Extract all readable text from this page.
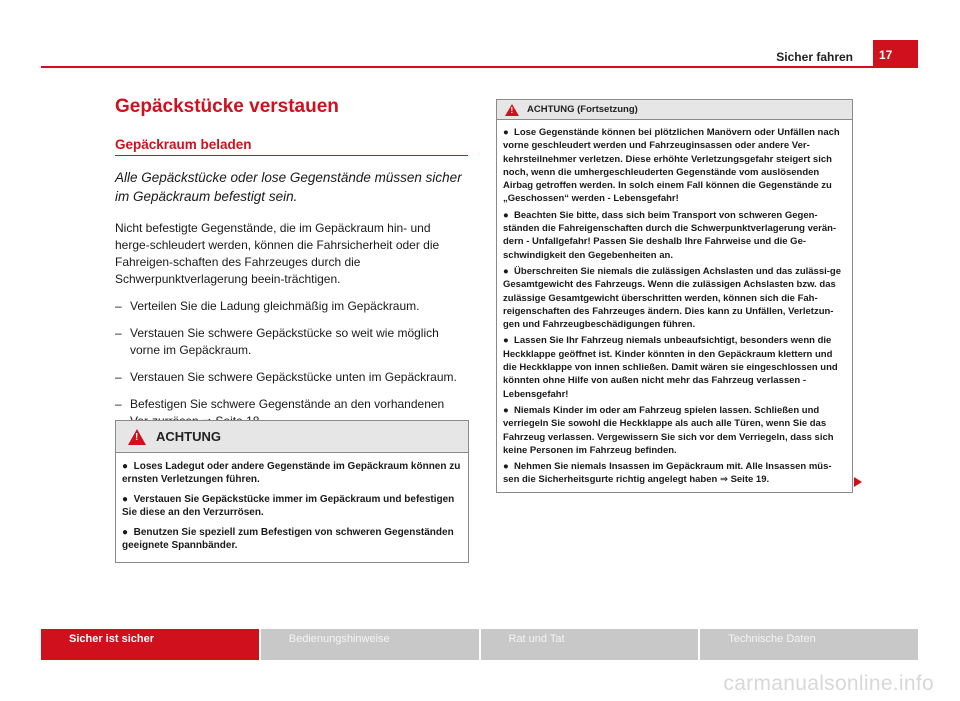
Sicher fahren	17
Gepäckstücke verstauen
Gepäckraum beladen

Alle Gepäckstücke oder lose Gegenstände müssen sicher im Gepäckraum befestigt sein.

Nicht befestigte Gegenstände, die im Gepäckraum hin- und herge-schleudert werden, können die Fahrsicherheit oder die Fahreigen-schaften des Fahrzeuges durch die Schwerpunktverlagerung beein-trächtigen.

– Verteilen Sie die Ladung gleichmäßig im Gepäckraum.
– Verstauen Sie schwere Gepäckstücke so weit wie möglich vorne im Gepäckraum.
– Verstauen Sie schwere Gepäckstücke unten im Gepäckraum.
– Befestigen Sie schwere Gegenstände an den vorhandenen
! ACHTUNG

● Loses Ladegut oder andere Gegenstände im Gepäckraum können zu ernsten Verletzungen führen.

● Verstauen Sie Gepäckstücke immer im Gepäckraum und befestigen Sie diese an den Verzurrösen.

● Benutzen Sie speziell zum Befestigen von schweren Gegenständen geeignete Spannbänder.

! ACHTUNG (Fortsetzung)

● Lose Gegenstände können bei plötzlichen Manövern oder Unfällen nach vorne geschleudert werden und Fahrzeuginsassen oder andere Ver-kehrsteilnehmer verletzen. Diese erhöhte Verletzungsgefahr steigert sich noch, wenn die umhergeschleuderten Gegenstände vom auslösenden Airbag getroffen werden. In solch einem Fall können die Gegenstände zu „Geschossen“ werden - Lebensgefahr!

● Beachten Sie bitte, dass sich beim Transport von schweren Gegen-ständen die Fahreigenschaften durch die Schwerpunktverlagerung verän-dern - Unfallgefahr! Passen Sie deshalb Ihre Fahrweise und die Ge-schwindigkeit den Gegebenheiten an.

● Überschreiten Sie niemals die zulässigen Achslasten und das zulässi-ge Gesamtgewicht des Fahrzeugs. Wenn die zulässigen Achslasten bzw. das zulässige Gesamtgewicht überschritten werden, können sich die Fah-reigenschaften des Fahrzeuges ändern. Dies kann zu Unfällen, Verletzun-gen und Fahrzeugbeschädigungen führen.

● Lassen Sie Ihr Fahrzeug niemals unbeaufsichtigt, besonders wenn die Heckklappe geöffnet ist. Kinder könnten in den Gepäckraum klettern und die Heckklappe von innen schließen. Damit wären sie eingeschlossen und könnten ohne Hilfe von außen nicht mehr das Fahrzeug verlassen - Lebensgefahr!

● Niemals Kinder im oder am Fahrzeug spielen lassen. Schließen und verriegeln Sie sowohl die Heckklappe als auch alle Türen, wenn Sie das Fahrzeug verlassen. Vergewissern Sie sich vor dem Verriegeln, dass sich keine Personen im Fahrzeug befinden.

● Nehmen Sie niemals Insassen im Gepäckraum mit. Alle Insassen müs-sen die Sicherheitsgurte richtig angelegt haben ⇒ Seite 19.

Sicher ist sicher	Bedienungshinweise	Rat und Tat	Technische Daten
carmanualsonline.info
